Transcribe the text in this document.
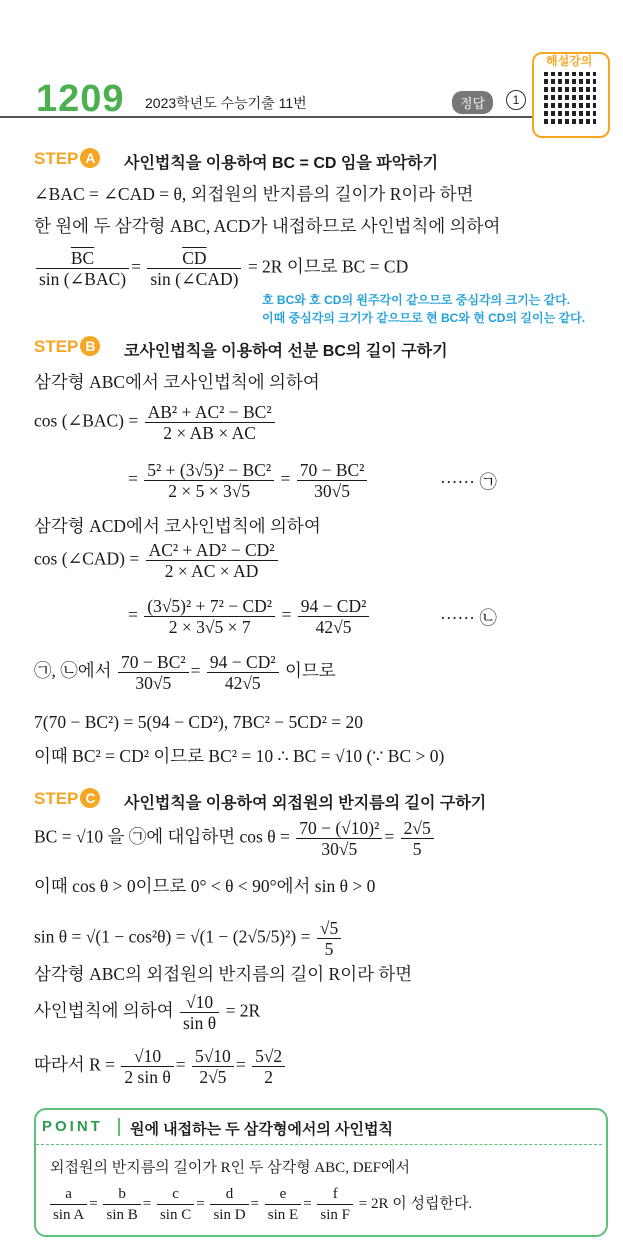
1209 2023학년도 수능기출 11번	정답	1
해설강의
STEP A	사인법칙을 이용하여 BC = CD 임을 파악하기
∠BAC = ∠CAD = θ, 외접원의 반지름의 길이가 R이라 하면
한 원에 두 삼각형 ABC, ACD가 내접하므로 사인법칙에 의하여
$\frac{\overline{BC}}{\text{sin (∠BAC)}} = \frac{\overline{CD}}{\text{sin (∠CAD)}} = 2R$ 이므로 BC = CD
호 BC와 호 CD의 원주각이 같으므로 중심각의 크기는 같다.
이때 중심각의 크기가 같으므로 현 BC와 현 CD의 길이는 같다.
STEP B	코사인법칙을 이용하여 선분 BC의 길이 구하기
삼각형 ABC에서 코사인법칙에 의하여
cos (∠BAC) = $\frac{\text{AB² + AC² − BC²}}{2 \times AB \times AC}$
= $\frac{\text{5² + (3√5)² − BC²}}{2 \times 5 \times 3√5} = \frac{\text{70 − BC²}}{30√5}$	······ ㉠
삼각형 ACD에서 코사인법칙에 의하여
cos (∠CAD) = $\frac{\text{AC² + AD² − CD²}}{2 \times AC \times AD}$
= $\frac{\text{(3√5)² + 7² − CD²}}{2 \times 3√5 \times 7} = \frac{\text{94 − CD²}}{42√5}$	······ ㉡
㉠, ㉡에서 $\frac{\text{70 − BC²}}{30√5} = \frac{\text{94 − CD²}}{42√5}$ 이므로
7(70 − BC²) = 5(94 − CD²), 7BC² − 5CD² = 20
이때 BC² = CD² 이므로 BC² = 10 ∴ BC = √10 (∵ BC > 0)
STEP C	사인법칙을 이용하여 외접원의 반지름의 길이 구하기
BC = √10 을 ㉠에 대입하면 $\cos \theta = \frac{\text{70 − (√10)²}}{30√5} = \frac{2√5}{5}$
이때 cos θ > 0이므로 0° < θ < 90°에서 sin θ > 0
$\sin \theta = √(1 - \cos^2\theta) = √(1 - (2√5/5)^2) = \frac{√5}{5}$
삼각형 ABC의 외접원의 반지름의 길이 R이라 하면
사인법칙에 의하여 $\frac{√10}{\text{sin θ}} = 2R$
따라서 $R = \frac{√10}{\text{2 sin θ}} = \frac{5√10}{2√5} = \frac{5√2}{2}$
POINT 원에 내접하는 두 삼각형에서의 사인법칙
외접원의 반지름의 길이가 R인 두 삼각형 ABC, DEF에서
$\frac{a}{\text{sin A}} = \frac{b}{\text{sin B}} = \frac{c}{\text{sin C}} = \frac{d}{\text{sin D}} = \frac{e}{\text{sin E}} = \frac{f}{\text{sin F}} = 2R$ 이 성립한다.
